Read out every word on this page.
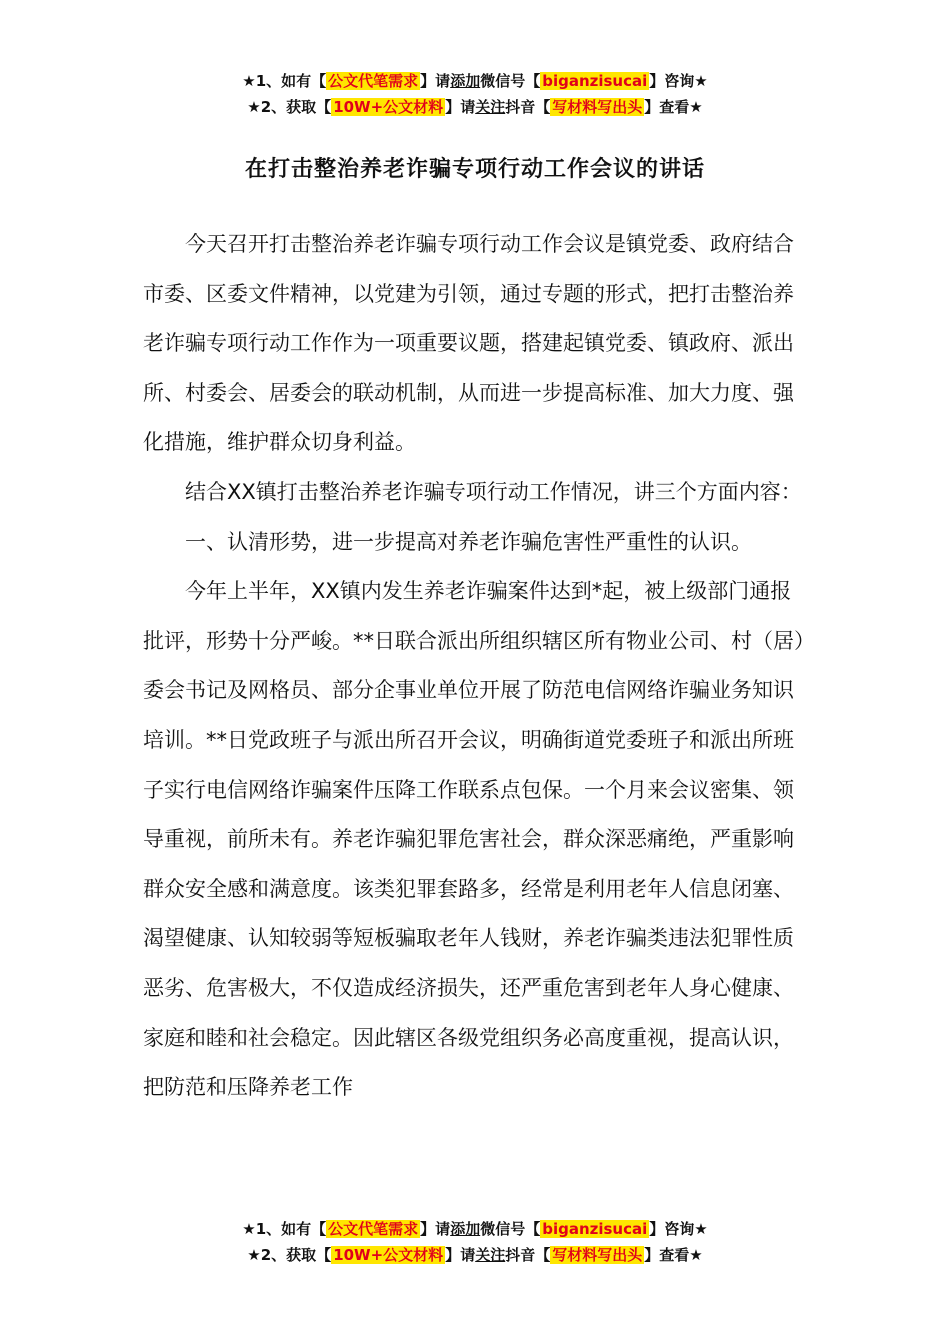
★1、如有【 公文代笔需求 】请添加微信号【 biganzisucai 】咨询★
★2、获取【 10W+公文材料 】请关注抖音【 写材料写出头 】查看★
在打击整治养老诈骗专项行动工作会议的讲话

今天召开打击整治养老诈骗专项行动工作会议是镇党委、政府结合市委、区委文件精神，以党建为引领，通过专题的形式，把打击整治养老诈骗专项行动工作作为一项重要议题，搭建起镇党委、镇政府、派出所、村委会、居委会的联动机制，从而进一步提高标准、加大力度、强化措施，维护群众切身利益。

结合XX镇打击整治养老诈骗专项行动工作情况，讲三个方面内容：

一、认清形势，进一步提高对养老诈骗危害性严重性的认识。

今年上半年，XX镇内发生养老诈骗案件达到*起，被上级部门通报批评，形势十分严峻。**日联合派出所组织辖区所有物业公司、村（居）委会书记及网格员、部分企事业单位开展了防范电信网络诈骗业务知识培训。**日党政班子与派出所召开会议，明确街道党委班子和派出所班子实行电信网络诈骗案件压降工作联系点包保。一个月来会议密集、领导重视，前所未有。养老诈骗犯罪危害社会，群众深恶痛绝，严重影响群众安全感和满意度。该类犯罪套路多，经常是利用老年人信息闭塞、渴望健康、认知较弱等短板骗取老年人钱财，养老诈骗类违法犯罪性质恶劣、危害极大，不仅造成经济损失，还严重危害到老年人身心健康、家庭和睦和社会稳定。因此辖区各级党组织务必高度重视，提高认识，把防范和压降养老工作

★1、如有【 公文代笔需求 】请添加微信号【 biganzisucai 】咨询★
★2、获取【 10W+公文材料 】请关注抖音【 写材料写出头 】查看★
